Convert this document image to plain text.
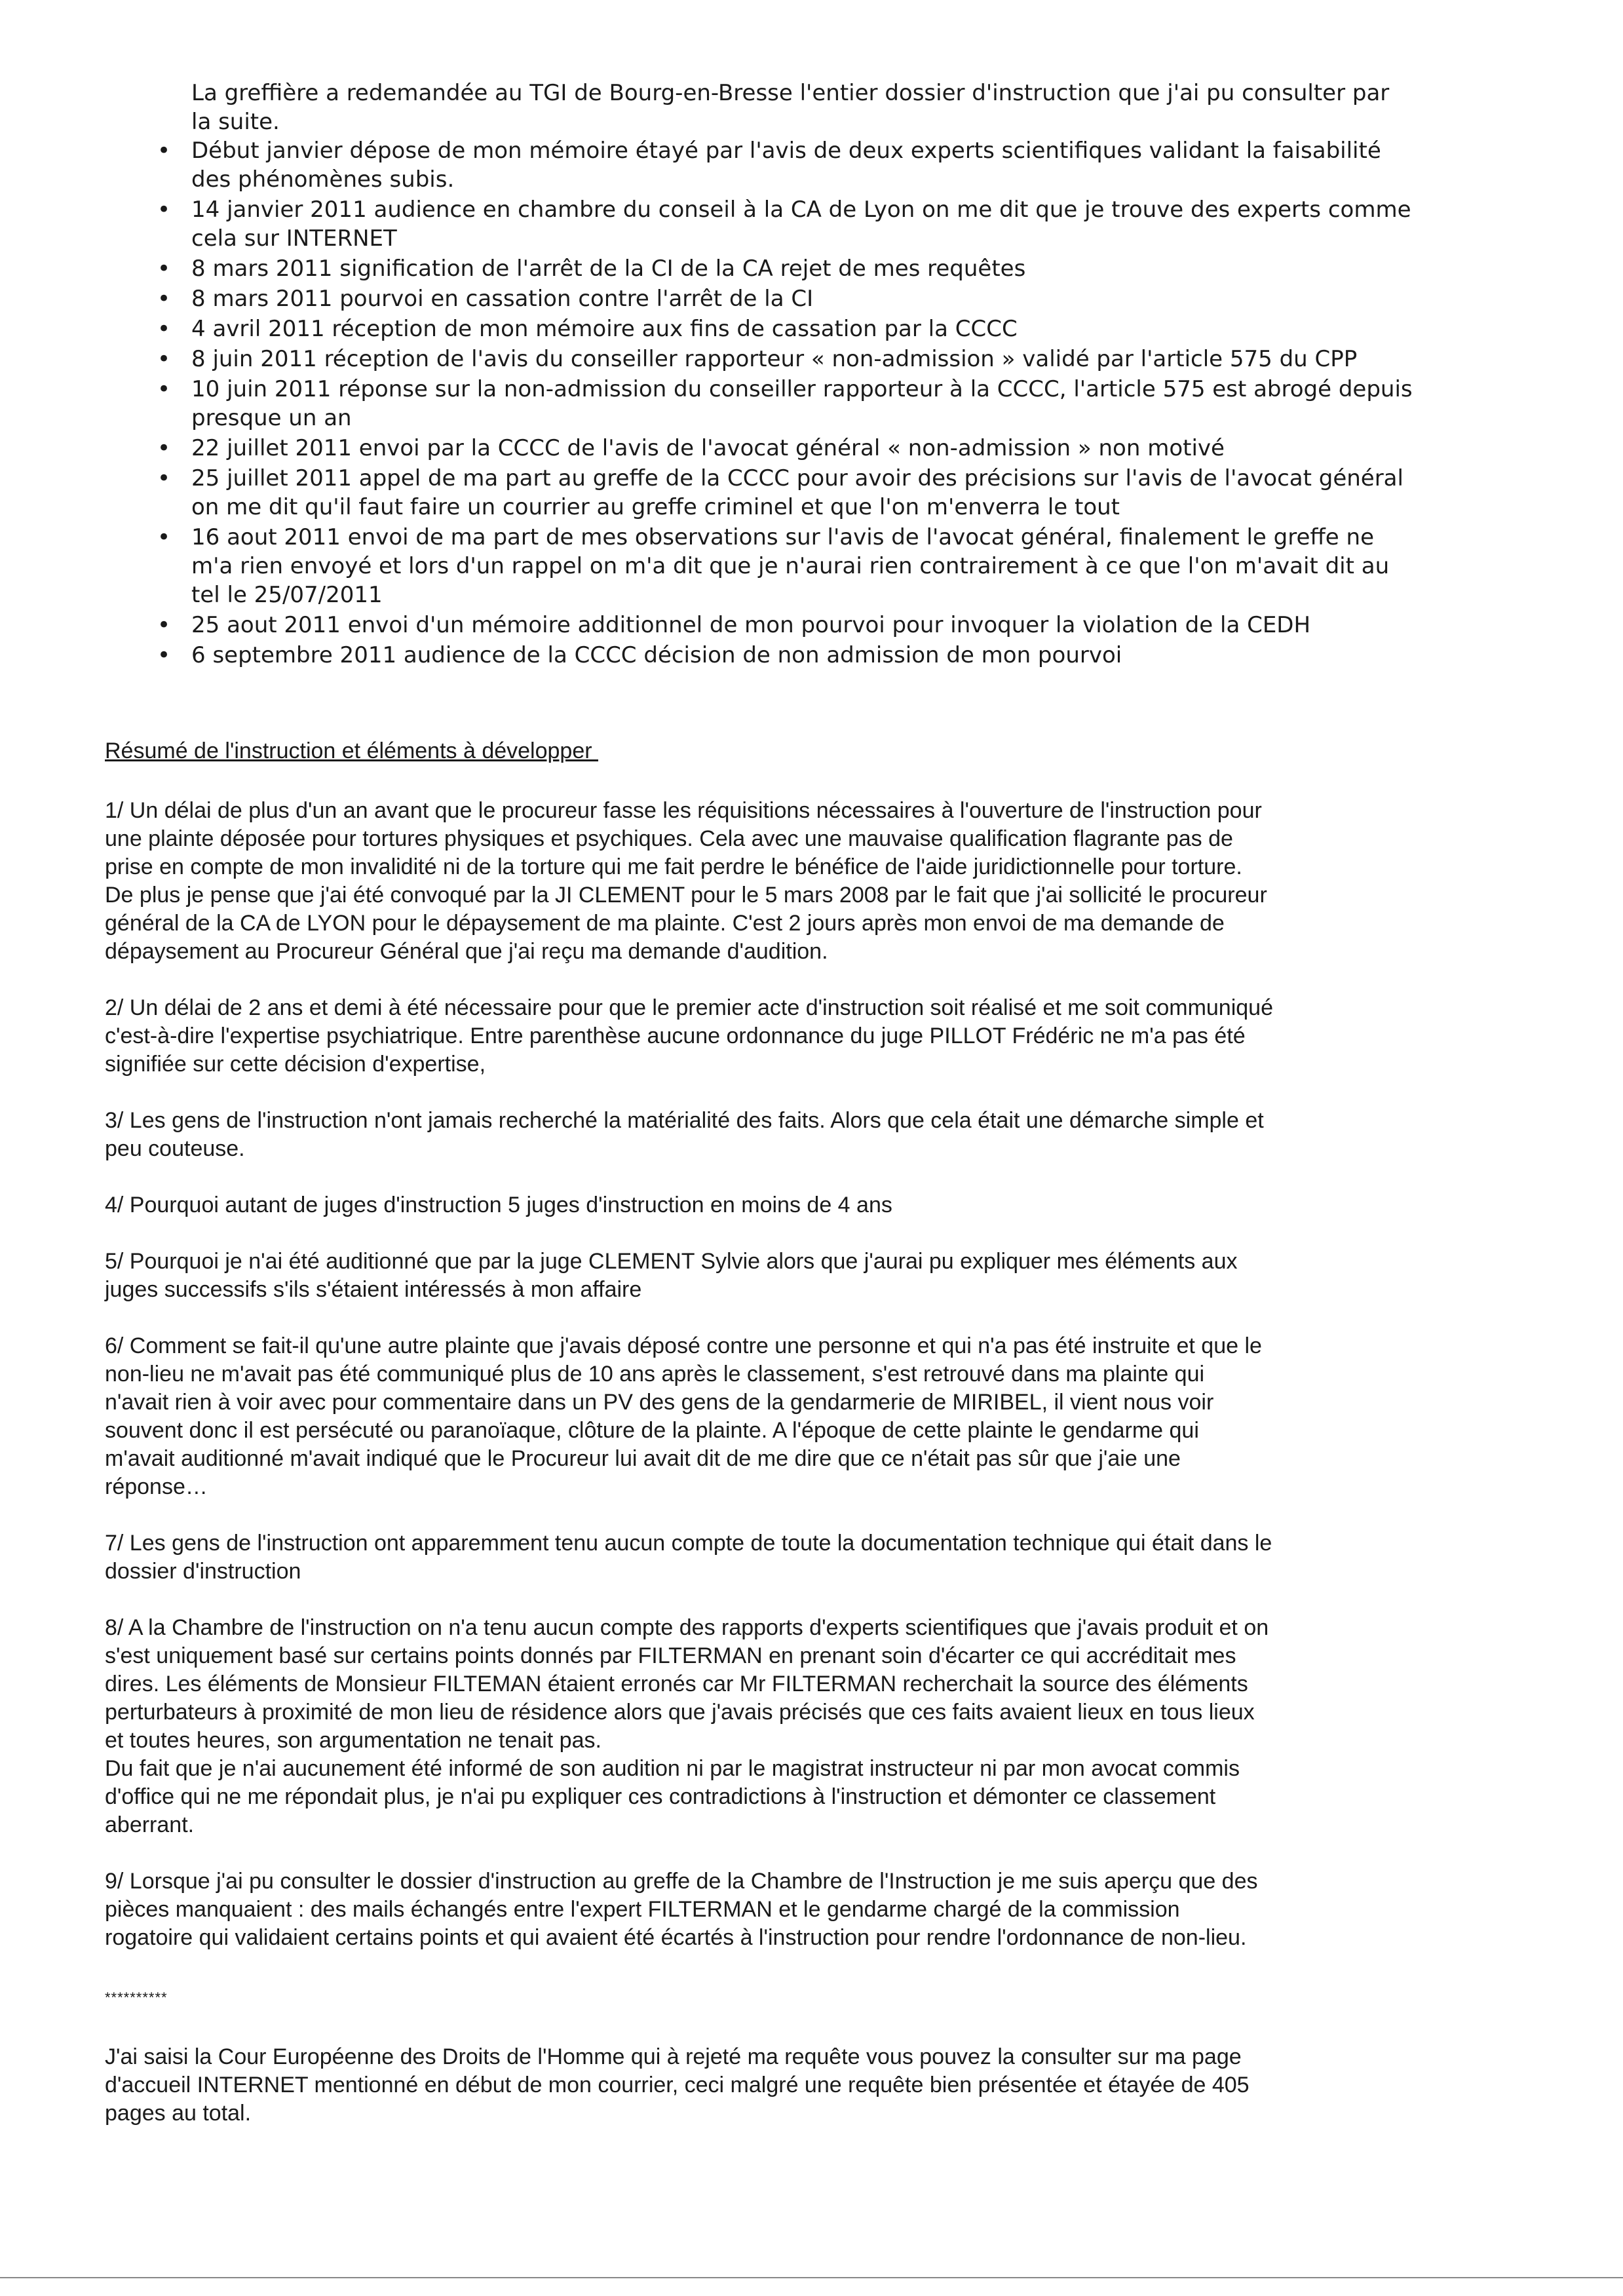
La greffière a redemandée au TGI de Bourg-en-Bresse l'entier dossier d'instruction que j'ai pu consulter par la suite.

• Début janvier dépose de mon mémoire étayé par l'avis de deux experts scientifiques validant la faisabilité des phénomènes subis.
• 14 janvier 2011 audience en chambre du conseil à la CA de Lyon on me dit que je trouve des experts comme cela sur INTERNET
• 8 mars 2011 signification de l'arrêt de la CI de la CA rejet de mes requêtes
• 8 mars 2011 pourvoi en cassation contre l'arrêt de la CI
• 4 avril 2011 réception de mon mémoire aux fins de cassation par la CCCC
• 8 juin 2011 réception de l'avis du conseiller rapporteur « non-admission » validé par l'article 575 du CPP
• 10 juin 2011 réponse sur la non-admission du conseiller rapporteur à la CCCC, l'article 575 est abrogé depuis presque un an
• 22 juillet 2011 envoi par la CCCC de l'avis de l'avocat général « non-admission » non motivé
• 25 juillet 2011 appel de ma part au greffe de la CCCC pour avoir des précisions sur l'avis de l'avocat général on me dit qu'il faut faire un courrier au greffe criminel et que l'on m'enverra le tout
• 16 aout 2011 envoi de ma part de mes observations sur l'avis de l'avocat général, finalement le greffe ne m'a rien envoyé et lors d'un rappel on m'a dit que je n'aurai rien contrairement à ce que l'on m'avait dit au tel le 25/07/2011
• 25 aout 2011 envoi d'un mémoire additionnel de mon pourvoi pour invoquer la violation de la CEDH
• 6 septembre 2011 audience de la CCCC décision de non admission de mon pourvoi
Résumé de l'instruction et éléments à développer
1/ Un délai de plus d'un an avant que le procureur fasse les réquisitions nécessaires à l'ouverture de l'instruction pour
une plainte déposée pour tortures physiques et psychiques. Cela avec une mauvaise qualification flagrante pas de
prise en compte de mon invalidité ni de la torture qui me fait perdre le bénéfice de l'aide juridictionnelle pour torture.
De plus je pense que j'ai été convoqué par la JI CLEMENT pour le 5 mars 2008 par le fait que j'ai sollicité le procureur
général de la CA de LYON pour le dépaysement de ma plainte. C'est 2 jours après mon envoi de ma demande de
dépaysement au Procureur Général que j'ai reçu ma demande d'audition.
2/ Un délai de 2 ans et demi à été nécessaire pour que le premier acte d'instruction soit réalisé et me soit communiqué
c'est-à-dire l'expertise psychiatrique. Entre parenthèse aucune ordonnance du juge PILLOT Frédéric ne m'a pas été
signifiée sur cette décision d'expertise,
3/ Les gens de l'instruction n'ont jamais recherché la matérialité des faits. Alors que cela était une démarche simple et
peu couteuse.
4/ Pourquoi autant de juges d'instruction 5 juges d'instruction en moins de 4 ans
5/ Pourquoi je n'ai été auditionné que par la juge CLEMENT Sylvie alors que j'aurai pu expliquer mes éléments aux
juges successifs s'ils s'étaient intéressés à mon affaire
6/ Comment se fait-il qu'une autre plainte que j'avais déposé contre une personne et qui n'a pas été instruite et que le
non-lieu ne m'avait pas été communiqué plus de 10 ans après le classement, s'est retrouvé dans ma plainte qui
n'avait rien à voir avec pour commentaire dans un PV des gens de la gendarmerie de MIRIBEL, il vient nous voir
souvent donc il est persécuté ou paranoïaque, clôture de la plainte. A l'époque de cette plainte le gendarme qui
m'avait auditionné m'avait indiqué que le Procureur lui avait dit de me dire que ce n'était pas sûr que j'aie une
réponse…
7/ Les gens de l'instruction ont apparemment tenu aucun compte de toute la documentation technique qui était dans le
dossier d'instruction
8/ A la Chambre de l'instruction on n'a tenu aucun compte des rapports d'experts scientifiques que j'avais produit et on
s'est uniquement basé sur certains points donnés par FILTERMAN en prenant soin d'écarter ce qui accréditait mes
dires. Les éléments de Monsieur FILTEMAN étaient erronés car Mr FILTERMAN recherchait la source des éléments
perturbateurs à proximité de mon lieu de résidence alors que j'avais précisés que ces faits avaient lieux en tous lieux
et toutes heures, son argumentation ne tenait pas.
Du fait que je n'ai aucunement été informé de son audition ni par le magistrat instructeur ni par mon avocat commis
d'office qui ne me répondait plus, je n'ai pu expliquer ces contradictions à l'instruction et démonter ce classement
aberrant.
9/ Lorsque j'ai pu consulter le dossier d'instruction au greffe de la Chambre de l'Instruction je me suis aperçu que des
pièces manquaient : des mails échangés entre l'expert FILTERMAN et le gendarme chargé de la commission
rogatoire qui validaient certains points et qui avaient été écartés à l'instruction pour rendre l'ordonnance de non-lieu.
**********
J'ai saisi la Cour Européenne des Droits de l'Homme qui à rejeté ma requête vous pouvez la consulter sur ma page
d'accueil INTERNET mentionné en début de mon courrier, ceci malgré une requête bien présentée et étayée de 405
pages au total.
